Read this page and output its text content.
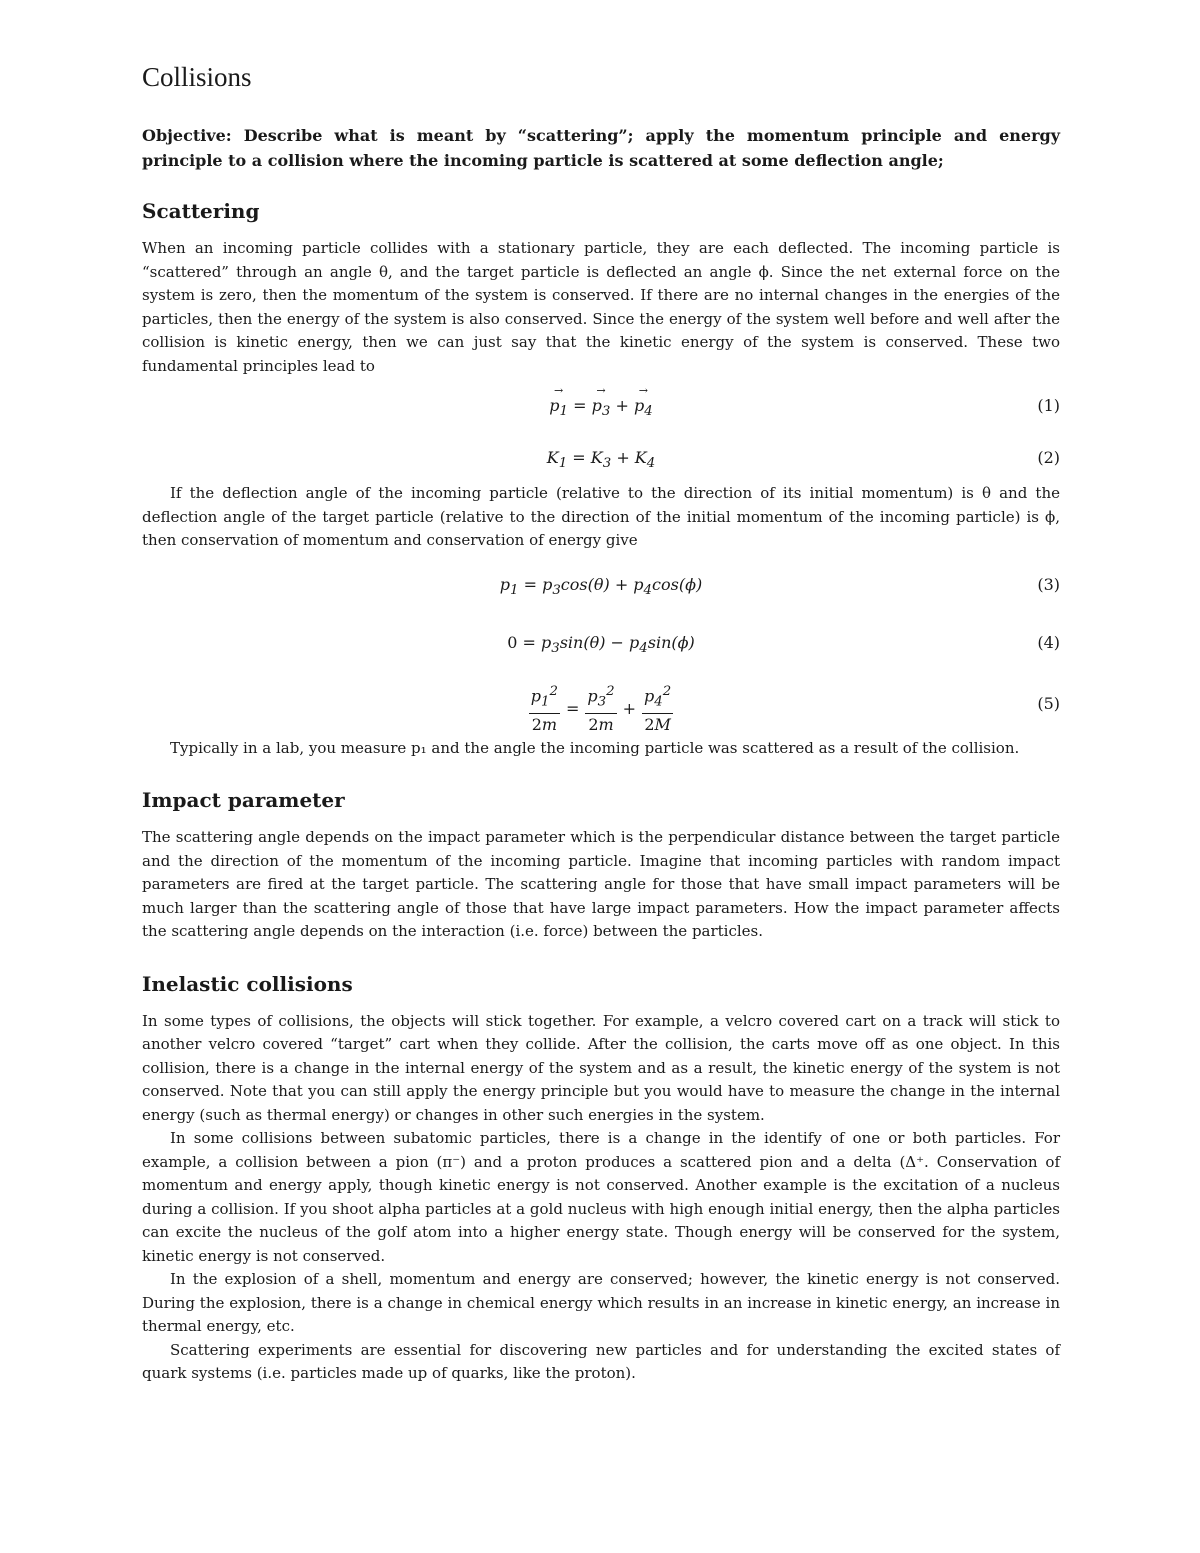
Collisions

Objective: Describe what is meant by “scattering”; apply the momentum principle and energy principle to a collision where the incoming particle is scattered at some deflection angle;

Scattering

When an incoming particle collides with a stationary particle, they are each deflected. The incoming particle is “scattered” through an angle θ, and the target particle is deflected an angle ϕ. Since the net external force on the system is zero, then the momentum of the system is conserved. If there are no internal changes in the energies of the particles, then the energy of the system is also conserved. Since the energy of the system well before and well after the collision is kinetic energy, then we can just say that the kinetic energy of the system is conserved. These two fundamental principles lead to

$p_1$ → = $p_3$ → + $p_4$ →	(1)
$K_1 = K_3 + K_4$	(2)

If the deflection angle of the incoming particle (relative to the direction of its initial momentum) is θ and the deflection angle of the target particle (relative to the direction of the initial momentum of the incoming particle) is ϕ, then conservation of momentum and conservation of energy give

$p_1 = p_3\cos(\theta) + p_4\cos(\phi)$	(3)
$0 = p_3\sin(\theta) - p_4\sin(\phi)$	(4)
$\frac{p_1^2}{2m} = \frac{p_3^2}{2m} + \frac{p_4^2}{2M}$	(5)

Typically in a lab, you measure p₁ and the angle the incoming particle was scattered as a result of the collision.

Impact parameter

The scattering angle depends on the impact parameter which is the perpendicular distance between the target particle and the direction of the momentum of the incoming particle. Imagine that incoming particles with random impact parameters are fired at the target particle. The scattering angle for those that have small impact parameters will be much larger than the scattering angle of those that have large impact parameters. How the impact parameter affects the scattering angle depends on the interaction (i.e. force) between the particles.

Inelastic collisions

In some types of collisions, the objects will stick together. For example, a velcro covered cart on a track will stick to another velcro covered “target” cart when they collide. After the collision, the carts move off as one object. In this collision, there is a change in the internal energy of the system and as a result, the kinetic energy of the system is not conserved. Note that you can still apply the energy principle but you would have to measure the change in the internal energy (such as thermal energy) or changes in other such energies in the system.

In some collisions between subatomic particles, there is a change in the identify of one or both particles. For example, a collision between a pion (π⁻) and a proton produces a scattered pion and a delta (Δ⁺. Conservation of momentum and energy apply, though kinetic energy is not conserved. Another example is the excitation of a nucleus during a collision. If you shoot alpha particles at a gold nucleus with high enough initial energy, then the alpha particles can excite the nucleus of the golf atom into a higher energy state. Though energy will be conserved for the system, kinetic energy is not conserved.

In the explosion of a shell, momentum and energy are conserved; however, the kinetic energy is not conserved. During the explosion, there is a change in chemical energy which results in an increase in kinetic energy, an increase in thermal energy, etc.

Scattering experiments are essential for discovering new particles and for understanding the excited states of quark systems (i.e. particles made up of quarks, like the proton).
